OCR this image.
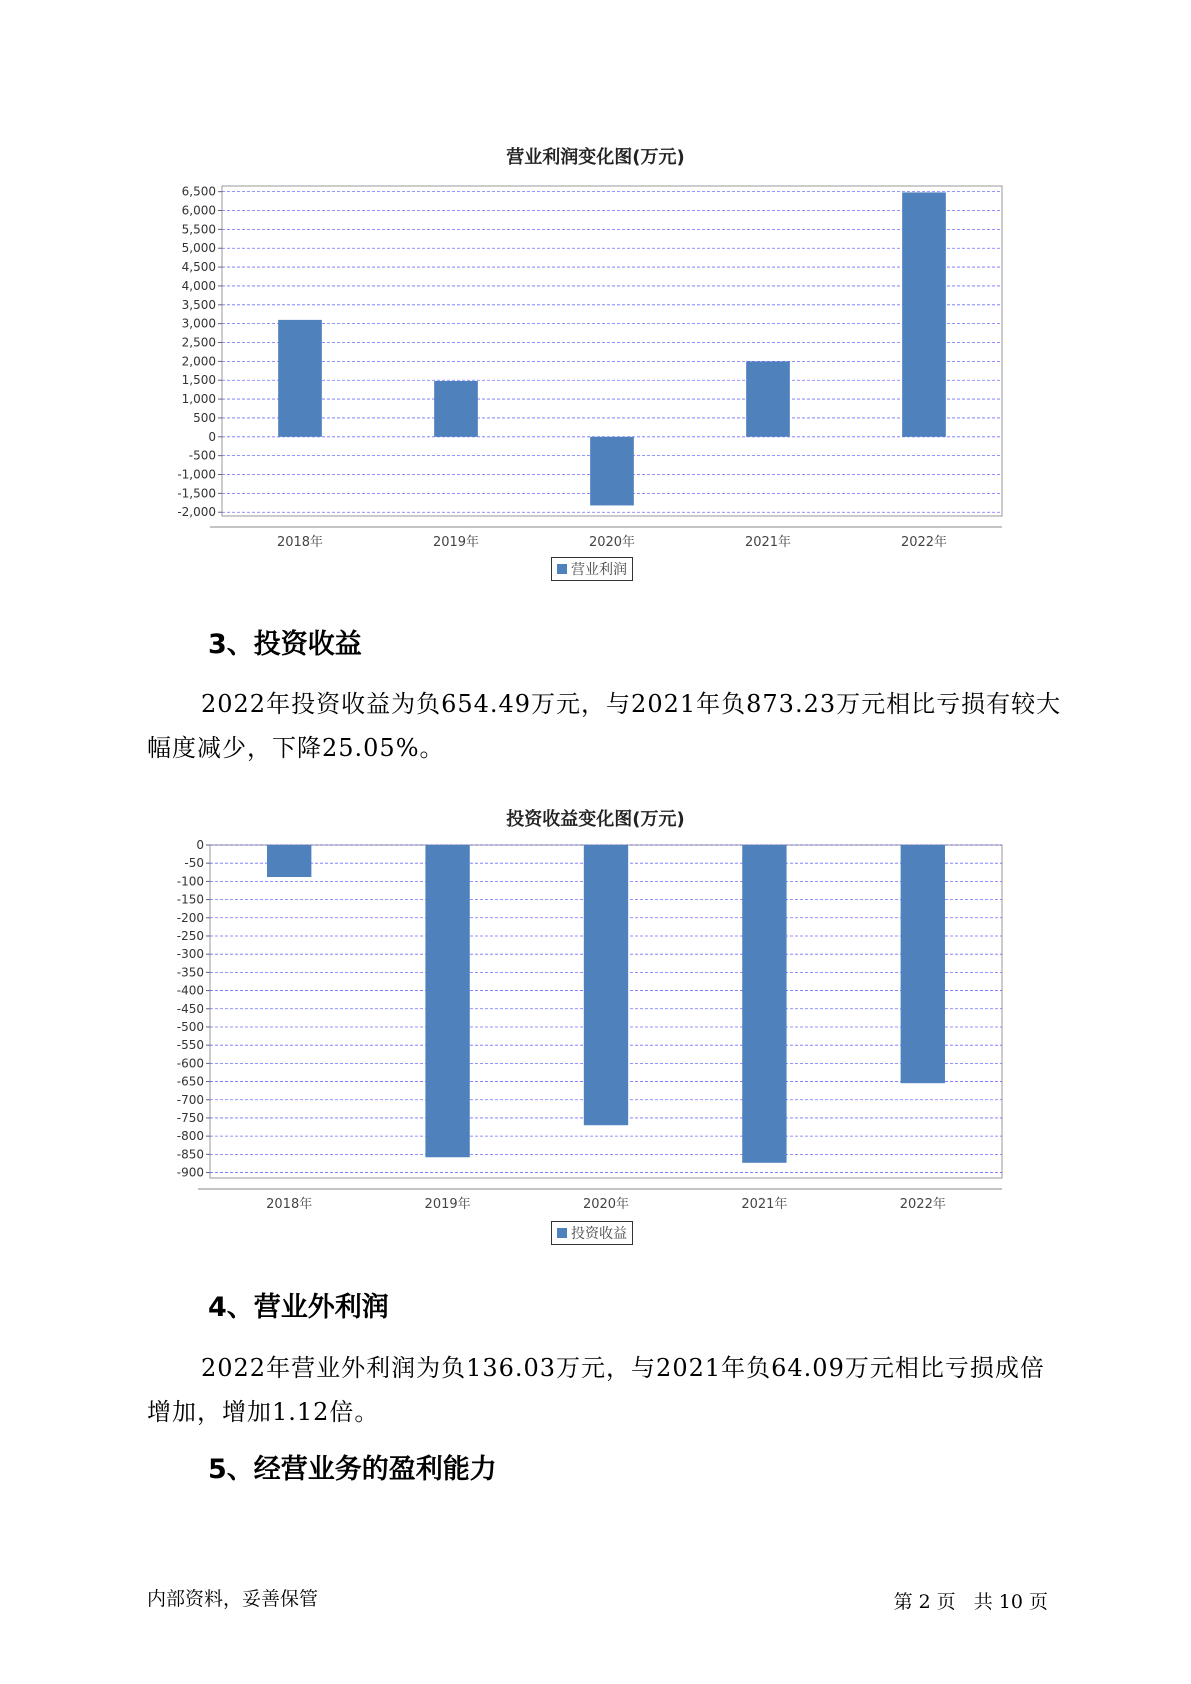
营业利润变化图(万元)
6,500
6,000
5,500
5,000
4,500
4,000
3,500
3,000
2,500
2,000
1,500
1,000
500
0
-500
-1,000
-1,500
-2,000
2018年	2019年	2020年	2021年	2022年
营业利润
3、投资收益

2022年投资收益为负654.49万元，与2021年负873.23万元相比亏损有较大幅度减少，下降25.05%。

投资收益变化图(万元)
0
-50
-100
-150
-200
-250
-300
-350
-400
-450
-500
-550
-600
-650
-700
-750
-800
-850
-900
2018年	2019年	2020年	2021年	2022年
投资收益
4、营业外利润

2022年营业外利润为负136.03万元，与2021年负64.09万元相比亏损成倍增加，增加1.12倍。

5、经营业务的盈利能力
内部资料，妥善保管	第 2 页 共 10 页
